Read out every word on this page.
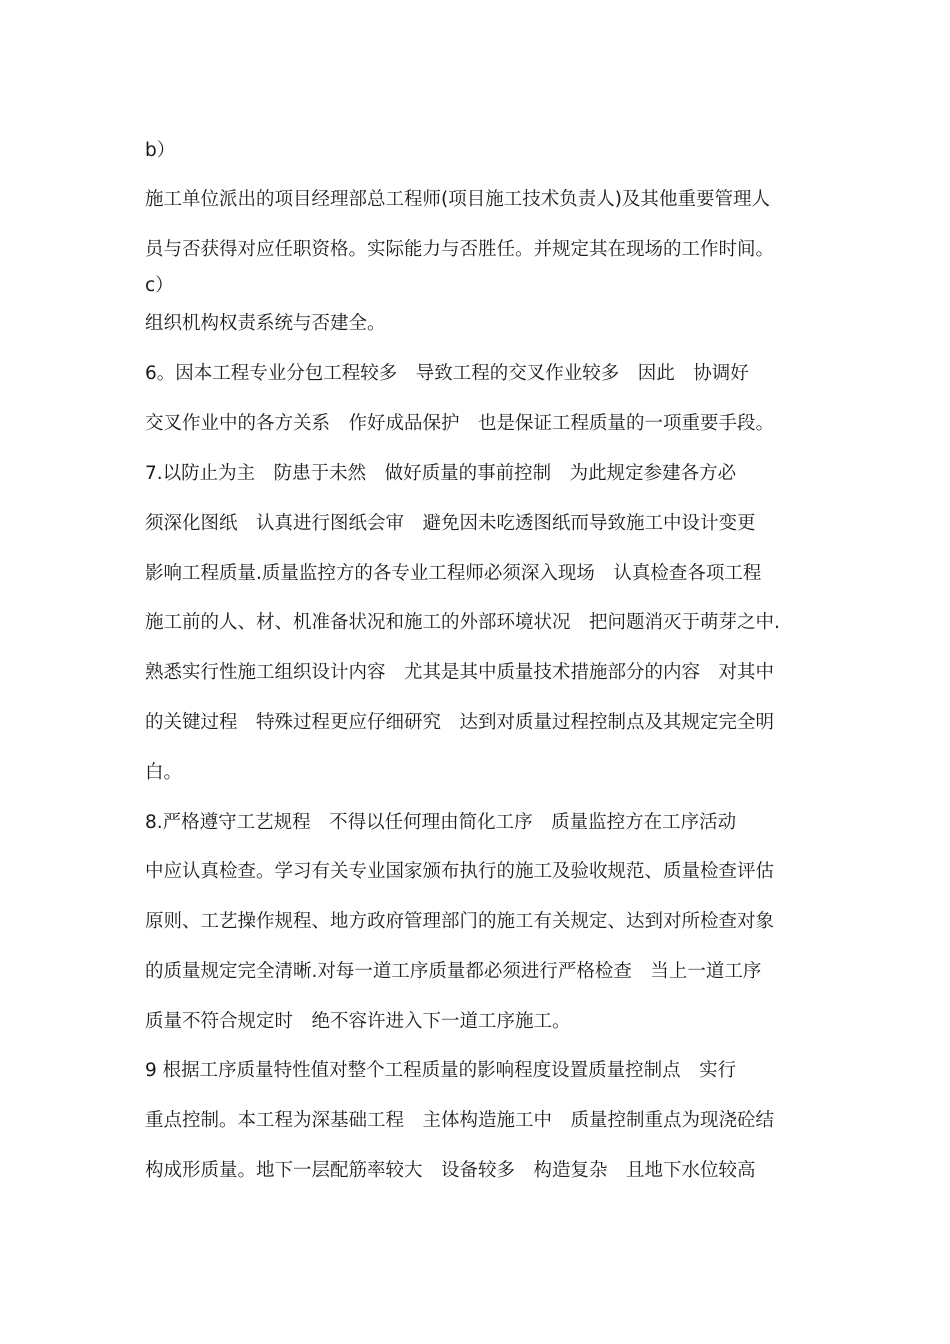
b）
施工单位派出的项目经理部总工程师(项目施工技术负责人)及其他重要管理人
员与否获得对应任职资格。实际能力与否胜任。并规定其在现场的工作时间。
c）
组织机构权责系统与否建全。
6。因本工程专业分包工程较多　导致工程的交叉作业较多　因此　协调好
交叉作业中的各方关系　作好成品保护　也是保证工程质量的一项重要手段。
7.以防止为主　防患于未然　做好质量的事前控制　为此规定参建各方必
须深化图纸　认真进行图纸会审　避免因未吃透图纸而导致施工中设计变更
影响工程质量.质量监控方的各专业工程师必须深入现场　认真检查各项工程
施工前的人、材、机准备状况和施工的外部环境状况　把问题消灭于萌芽之中.
熟悉实行性施工组织设计内容　尤其是其中质量技术措施部分的内容　对其中
的关键过程　特殊过程更应仔细研究　达到对质量过程控制点及其规定完全明
白。
8.严格遵守工艺规程　不得以任何理由简化工序　质量监控方在工序活动
中应认真检查。学习有关专业国家颁布执行的施工及验收规范、质量检查评估
原则、工艺操作规程、地方政府管理部门的施工有关规定、达到对所检查对象
的质量规定完全清晰.对每一道工序质量都必须进行严格检查　当上一道工序
质量不符合规定时　绝不容许进入下一道工序施工。
9 根据工序质量特性值对整个工程质量的影响程度设置质量控制点　实行
重点控制。本工程为深基础工程　主体构造施工中　质量控制重点为现浇砼结
构成形质量。地下一层配筋率较大　设备较多　构造复杂　且地下水位较高
